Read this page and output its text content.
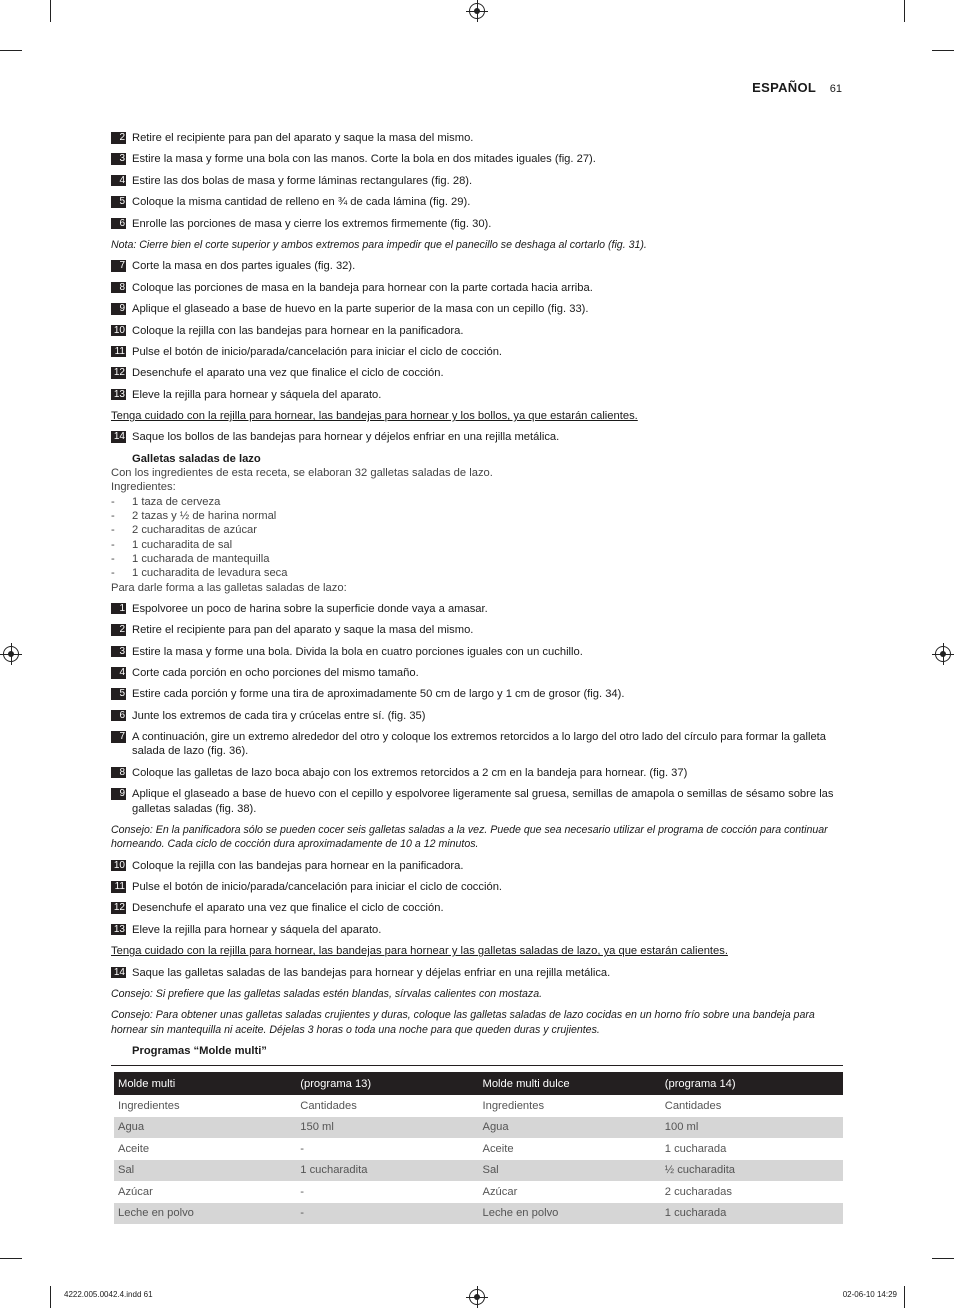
ESPAÑOL 61
2 Retire el recipiente para pan del aparato y saque la masa del mismo.
3 Estire la masa y forme una bola con las manos. Corte la bola en dos mitades iguales (fig. 27).
4 Estire las dos bolas de masa y forme láminas rectangulares (fig. 28).
5 Coloque la misma cantidad de relleno en ¾ de cada lámina (fig. 29).
6 Enrolle las porciones de masa y cierre los extremos firmemente (fig. 30).
Nota: Cierre bien el corte superior y ambos extremos para impedir que el panecillo se deshaga al cortarlo (fig. 31).
7 Corte la masa en dos partes iguales (fig. 32).
8 Coloque las porciones de masa en la bandeja para hornear con la parte cortada hacia arriba.
9 Aplique el glaseado a base de huevo en la parte superior de la masa con un cepillo (fig. 33).
10 Coloque la rejilla con las bandejas para hornear en la panificadora.
11 Pulse el botón de inicio/parada/cancelación para iniciar el ciclo de cocción.
12 Desenchufe el aparato una vez que finalice el ciclo de cocción.
13 Eleve la rejilla para hornear y sáquela del aparato.
Tenga cuidado con la rejilla para hornear, las bandejas para hornear y los bollos, ya que estarán calientes.
14 Saque los bollos de las bandejas para hornear y déjelos enfriar en una rejilla metálica.
Galletas saladas de lazo
Con los ingredientes de esta receta, se elaboran 32 galletas saladas de lazo.
Ingredientes:
-	1 taza de cerveza
-	2 tazas y ½ de harina normal
-	2 cucharaditas de azúcar
-	1 cucharadita de sal
-	1 cucharada de mantequilla
-	1 cucharadita de levadura seca
Para darle forma a las galletas saladas de lazo:
1 Espolvoree un poco de harina sobre la superficie donde vaya a amasar.
2 Retire el recipiente para pan del aparato y saque la masa del mismo.
3 Estire la masa y forme una bola. Divida la bola en cuatro porciones iguales con un cuchillo.
4 Corte cada porción en ocho porciones del mismo tamaño.
5 Estire cada porción y forme una tira de aproximadamente 50 cm de largo y 1 cm de grosor (fig. 34).
6 Junte los extremos de cada tira y crúcelas entre sí. (fig. 35)
7 A continuación, gire un extremo alrededor del otro y coloque los extremos retorcidos a lo largo del otro lado del círculo para formar la galleta salada de lazo (fig. 36).
8 Coloque las galletas de lazo boca abajo con los extremos retorcidos a 2 cm en la bandeja para hornear. (fig. 37)
9 Aplique el glaseado a base de huevo con el cepillo y espolvoree ligeramente sal gruesa, semillas de amapola o semillas de sésamo sobre las galletas saladas (fig. 38).
Consejo: En la panificadora sólo se pueden cocer seis galletas saladas a la vez. Puede que sea necesario utilizar el programa de cocción para continuar horneando. Cada ciclo de cocción dura aproximadamente de 10 a 12 minutos.
10 Coloque la rejilla con las bandejas para hornear en la panificadora.
11 Pulse el botón de inicio/parada/cancelación para iniciar el ciclo de cocción.
12 Desenchufe el aparato una vez que finalice el ciclo de cocción.
13 Eleve la rejilla para hornear y sáquela del aparato.
Tenga cuidado con la rejilla para hornear, las bandejas para hornear y las galletas saladas de lazo, ya que estarán calientes.
14 Saque las galletas saladas de las bandejas para hornear y déjelas enfriar en una rejilla metálica.
Consejo: Si prefiere que las galletas saladas estén blandas, sírvalas calientes con mostaza.
Consejo: Para obtener unas galletas saladas crujientes y duras, coloque las galletas saladas de lazo cocidas en un horno frío sobre una bandeja para hornear sin mantequilla ni aceite. Déjelas 3 horas o toda una noche para que queden duras y crujientes.
Programas “Molde multi”
Molde multi	(programa 13)	Molde multi dulce	(programa 14)
Ingredientes	Cantidades	Ingredientes	Cantidades
Agua	150 ml	Agua	100 ml
Aceite	-	Aceite	1 cucharada
Sal	1 cucharadita	Sal	½ cucharadita
Azúcar	-	Azúcar	2 cucharadas
Leche en polvo	-	Leche en polvo	1 cucharada
4222.005.0042.4.indd 61	02-06-10 14:29
